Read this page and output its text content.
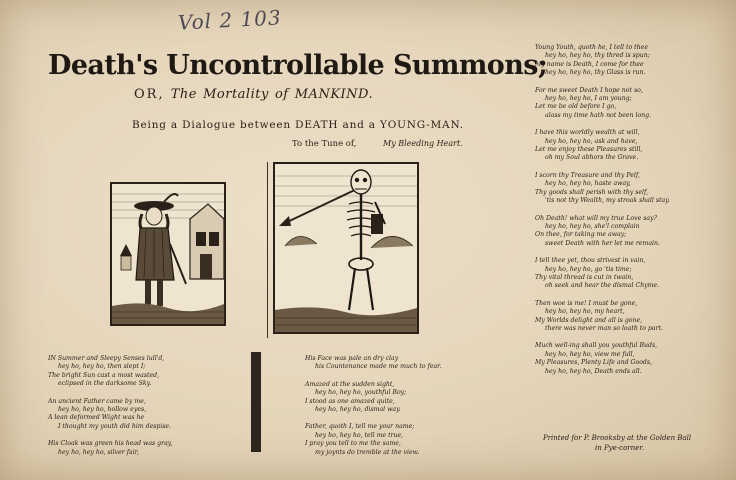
Vol 2 103
Death's Uncontrollable Summons;
OR, The Mortality of MANKIND.
Being a Dialogue between DEATH and a YOUNG-MAN.
To the Tune of,	My Bleeding Heart.
IN Summer and Sleepy Senses lull'd,
hey ho, hey ho, then slept I;
The bright Sun cast a most wasted,
eclipsed in the darksome Sky.
An ancient Father came by me,
hey ho, hey ho, hollow eyes,
A lean deformed Wight was he
I thought my youth did him despise.
His Cloak was green his head was gray,
hey ho, hey ho, silver fair,
His Face was pale an dry clay
his Countenance made me much to fear.
Amazed at the sudden sight,
hey ho, hey ho, youthful Boy;
I stood as one amazed quite,
hey ho, hey ho, dismal way.
Father, quoth I, tell me your name;
hey ho, hey ho, tell me true,
I pray you tell to me the same,
my joynts do tremble at the view.
Young Youth, quoth he, I tell to thee
hey ho, hey ho, thy thred is spun;
My name is Death, I come for thee
hey ho, hey ho, thy Glass is run.
For me sweet Death I hope not so,
hey ho, hey ho, I am young;
Let me be old before I go,
alass my time hath not been long.
I have this worldly wealth at will,
hey ho, hey ho, ask and have,
Let me enjoy these Pleasures still,
oh my Soul abhors the Grave.
I scorn thy Treasure and thy Pelf,
hey ho, hey ho, haste away,
Thy goods shall perish with thy self,
'tis not thy Wealth, my stroak shall stay.
Oh Death! what will my true Love say?
hey ho, hey ho, she'l complain
On thee, for taking me away;
sweet Death with her let me remain.
I tell thee yet, thou strivest in vain,
hey ho, hey ho, go 'tis time;
Thy vital thread is cut in twain,
oh seek and hear the dismal Chyme.
Then woe is me! I must be gone,
hey ho, hey ho, my heart,
My Worlds delight and all is gone,
there was never man so loath to part.
Much well-ing shall you youthful Buds,
hey ho, hey ho, view me full,
My Pleasures, Plenty Life and Goods,
hey ho, hey ho, Death ends all.
Printed for P. Brooksby at the Golden Ball
in Pye-corner.
